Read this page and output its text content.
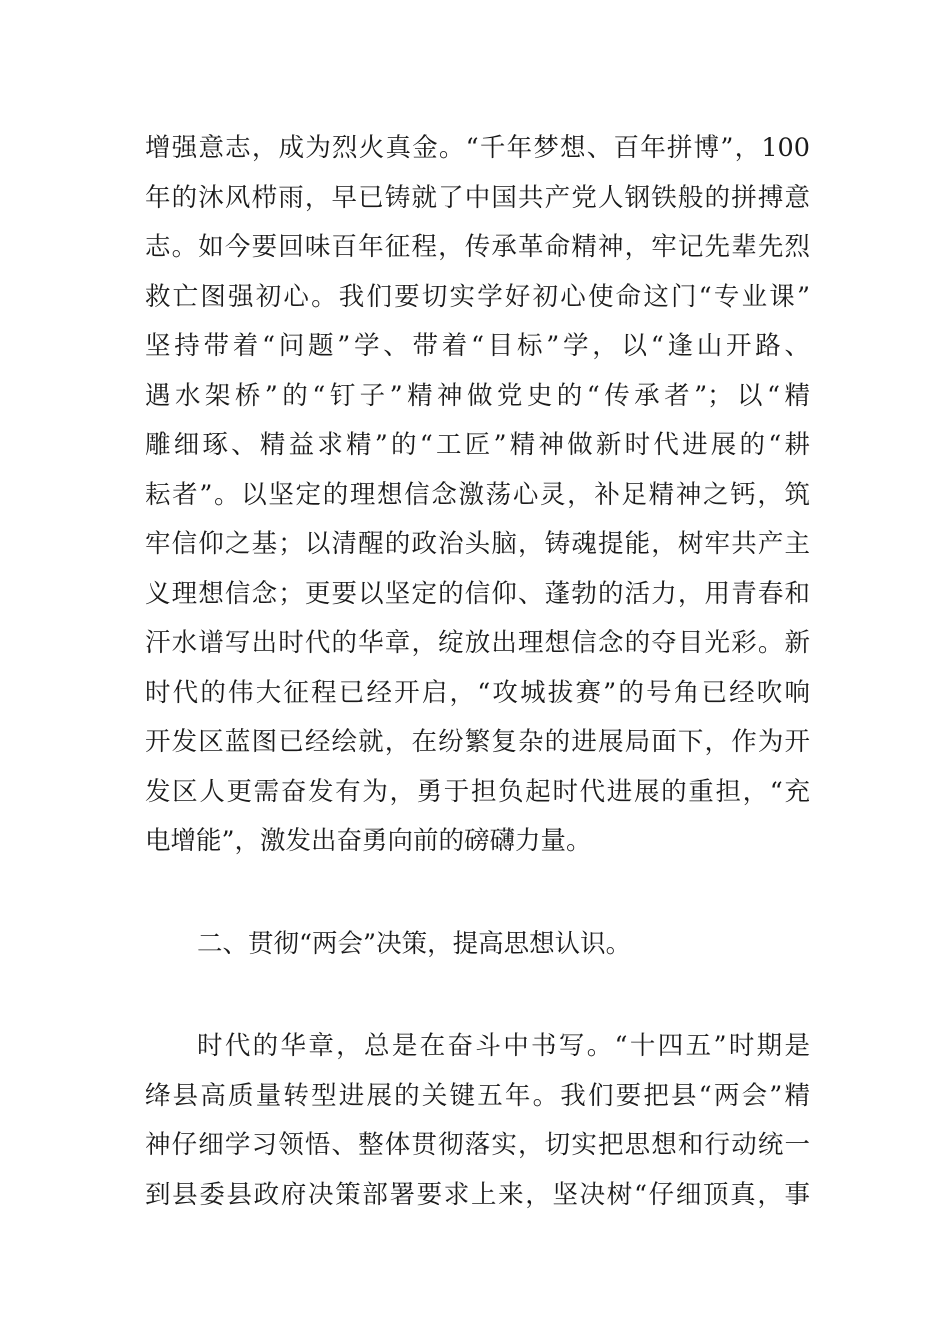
增强意志，成为烈火真金。“千年梦想、百年拼博”，100
年的沐风栉雨，早已铸就了中国共产党人钢铁般的拼搏意
志。如今要回味百年征程，传承革命精神，牢记先辈先烈
救亡图强初心。我们要切实学好初心使命这门“专业课”
坚持带着“问题”学、带着“目标”学，以“逢山开路、
遇水架桥”的“钉子”精神做党史的“传承者”；以“精
雕细琢、精益求精”的“工匠”精神做新时代进展的“耕
耘者”。以坚定的理想信念激荡心灵，补足精神之钙，筑
牢信仰之基；以清醒的政治头脑，铸魂提能，树牢共产主
义理想信念；更要以坚定的信仰、蓬勃的活力，用青春和
汗水谱写出时代的华章，绽放出理想信念的夺目光彩。新
时代的伟大征程已经开启，“攻城拔赛”的号角已经吹响
开发区蓝图已经绘就，在纷繁复杂的进展局面下，作为开
发区人更需奋发有为，勇于担负起时代进展的重担，“充
电增能”，激发出奋勇向前的磅礴力量。
二、贯彻“两会”决策，提高思想认识。
时代的华章，总是在奋斗中书写。“十四五”时期是
绛县高质量转型进展的关键五年。我们要把县“两会”精
神仔细学习领悟、整体贯彻落实，切实把思想和行动统一
到县委县政府决策部署要求上来，坚决树“仔细顶真，事
